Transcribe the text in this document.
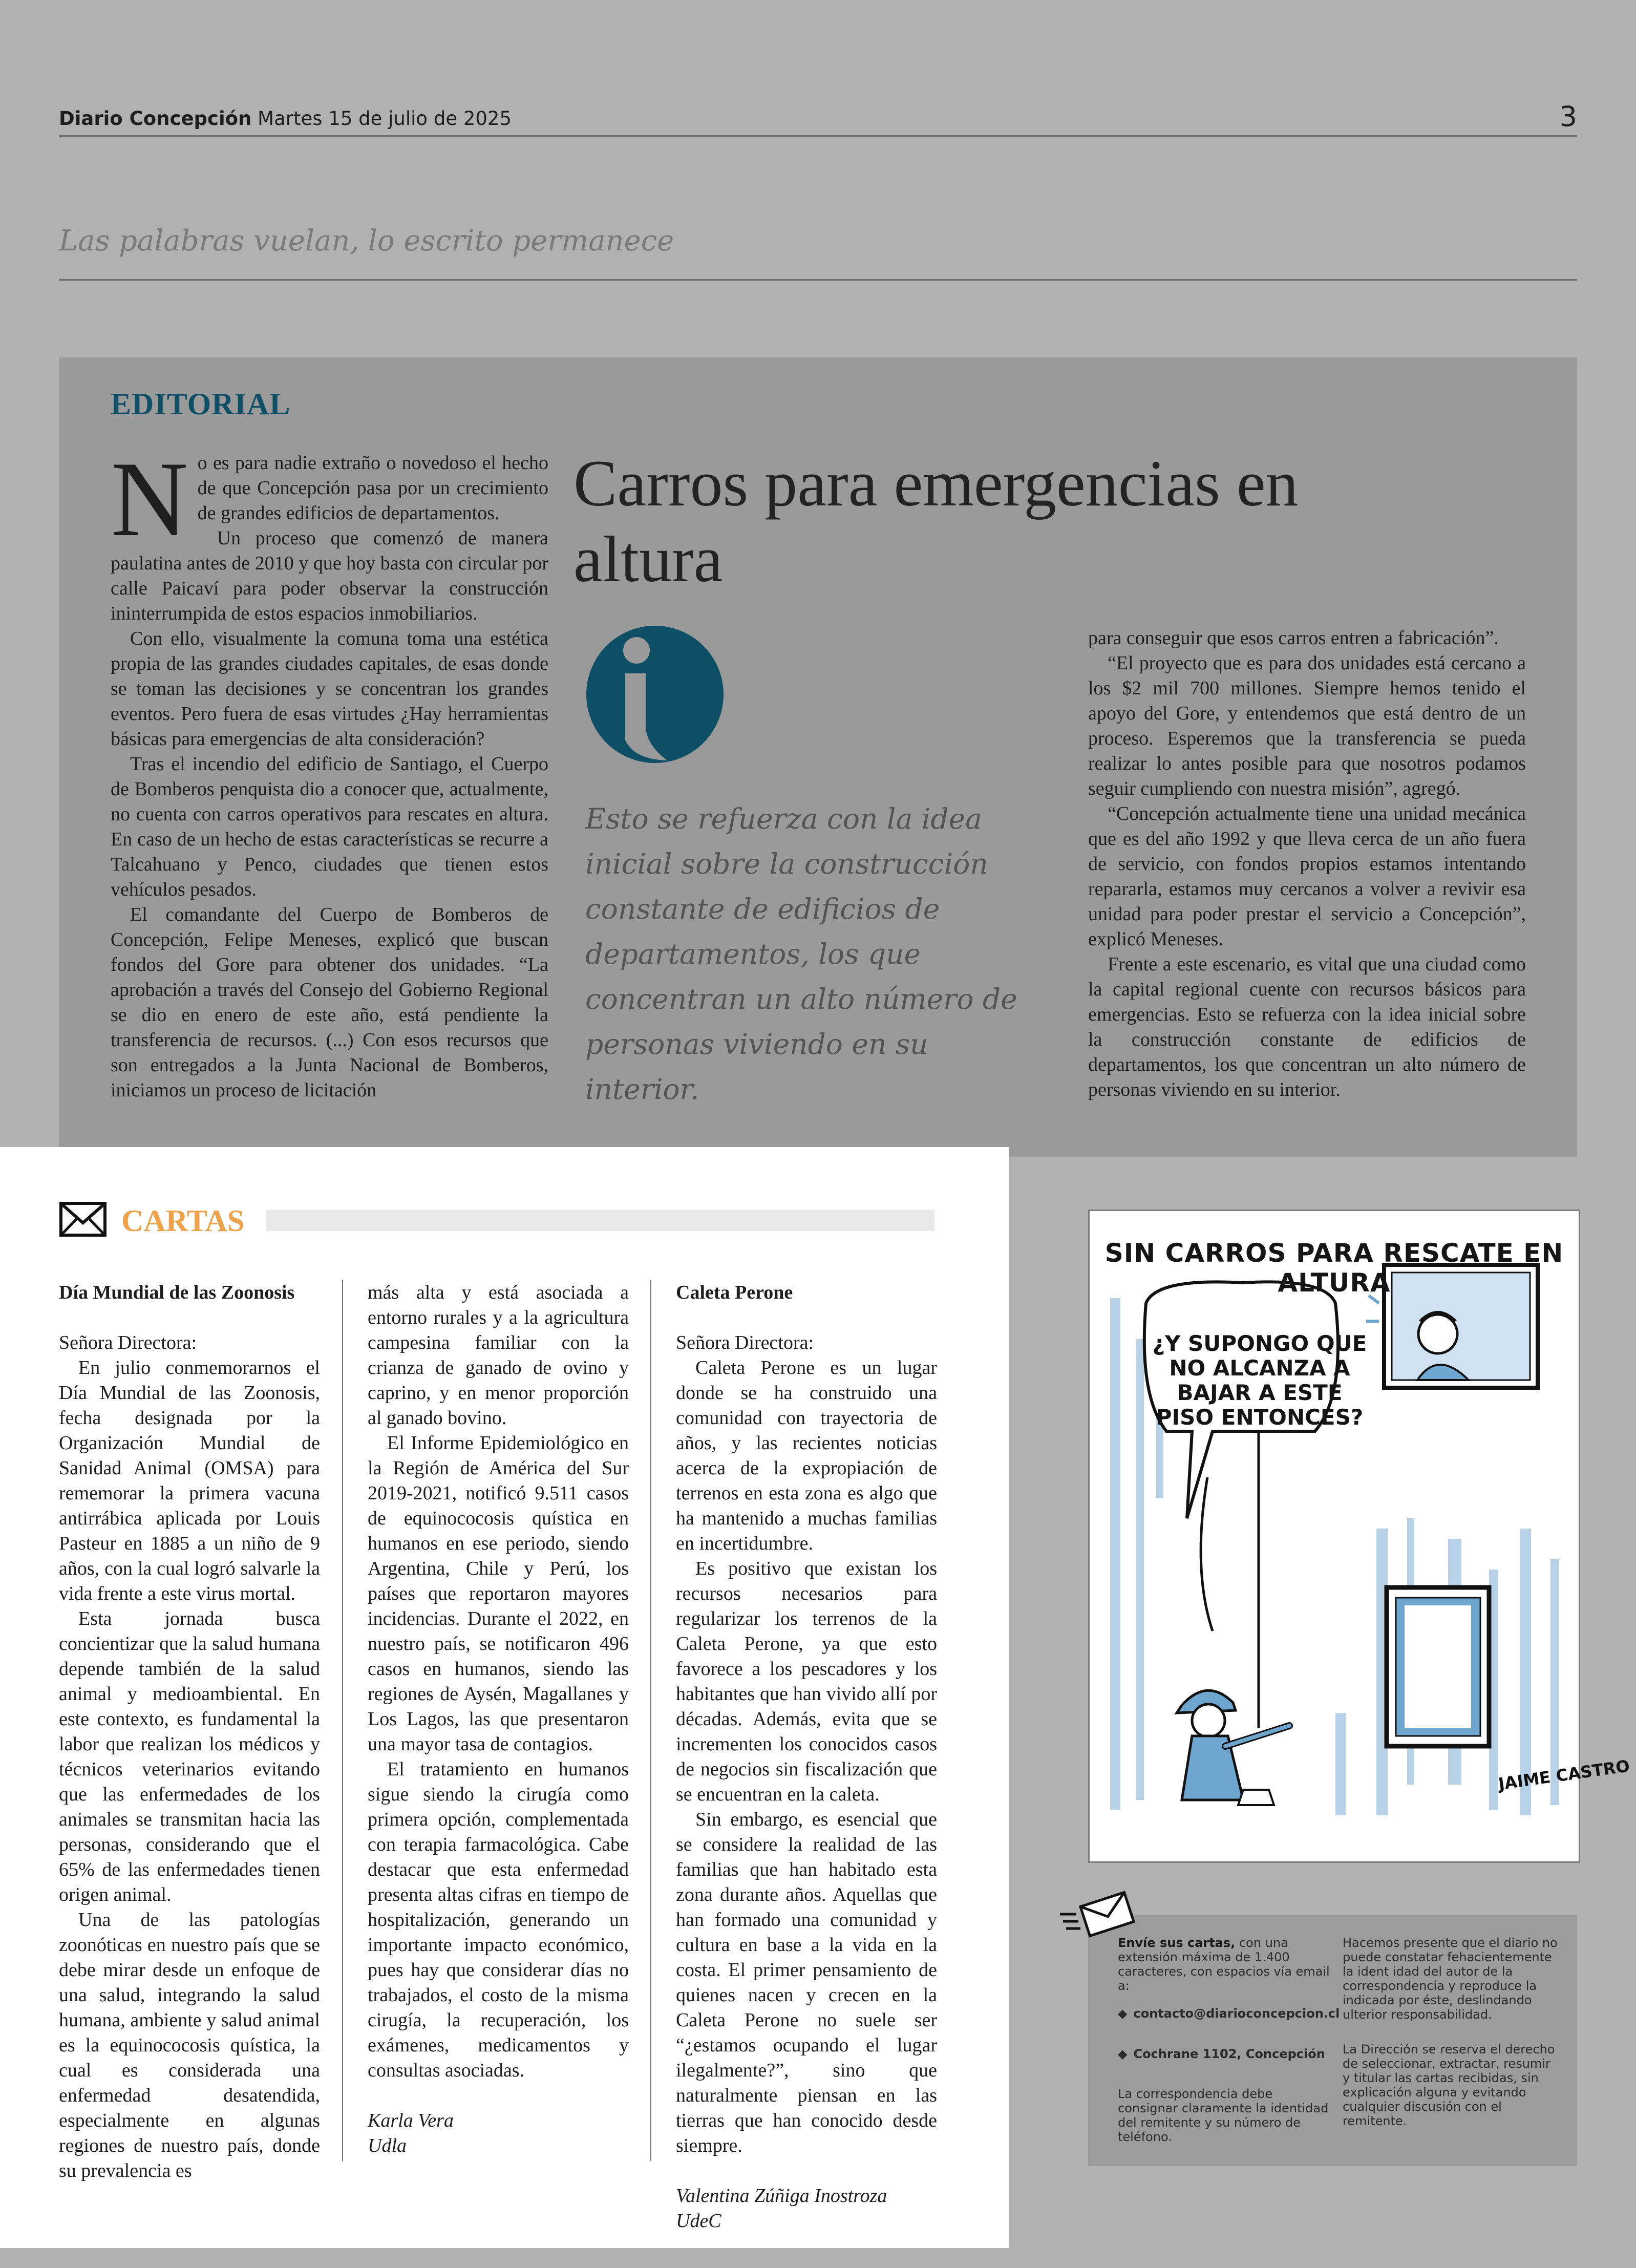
Diario Concepción Martes 15 de julio de 2025	3
Las palabras vuelan, lo escrito permanece
EDITORIAL

No es para nadie extraño o novedoso el hecho de que Concepción pasa por un crecimiento de grandes edificios de departamentos.

Un proceso que comenzó de manera paulatina antes de 2010 y que hoy basta con circular por calle Paicaví para poder observar la construcción ininterrumpida de estos espacios inmobiliarios.

Con ello, visualmente la comuna toma una estética propia de las grandes ciudades capitales, de esas donde se toman las decisiones y se concentran los grandes eventos. Pero fuera de esas virtudes ¿Hay herramientas básicas para emergencias de alta consideración?

Tras el incendio del edificio de Santiago, el Cuerpo de Bomberos penquista dio a conocer que, actualmente, no cuenta con carros operativos para rescates en altura. En caso de un hecho de estas características se recurre a Talcahuano y Penco, ciudades que tienen estos vehículos pesados.

El comandante del Cuerpo de Bomberos de Concepción, Felipe Meneses, explicó que buscan fondos del Gore para obtener dos unidades. “La aprobación a través del Consejo del Gobierno Regional se dio en enero de este año, está pendiente la transferencia de recursos. (...) Con esos recursos que son entregados a la Junta Nacional de Bomberos, iniciamos un proceso de licitación

Carros para emergencias en altura
Esto se refuerza con la idea inicial sobre la construcción constante de edificios de departamentos, los que concentran un alto número de personas viviendo en su interior.

para conseguir que esos carros entren a fabricación”.

“El proyecto que es para dos unidades está cercano a los $2 mil 700 millones. Siempre hemos tenido el apoyo del Gore, y entendemos que está dentro de un proceso. Esperemos que la transferencia se pueda realizar lo antes posible para que nosotros podamos seguir cumpliendo con nuestra misión”, agregó.

“Concepción actualmente tiene una unidad mecánica que es del año 1992 y que lleva cerca de un año fuera de servicio, con fondos propios estamos intentando repararla, estamos muy cercanos a volver a revivir esa unidad para poder prestar el servicio a Concepción”, explicó Meneses.

Frente a este escenario, es vital que una ciudad como la capital regional cuente con recursos básicos para emergencias. Esto se refuerza con la idea inicial sobre la construcción constante de edificios de departamentos, los que concentran un alto número de personas viviendo en su interior.

CARTAS

Día Mundial de las Zoonosis

Señora Directora:

En julio conmemorarnos el Día Mundial de las Zoonosis, fecha designada por la Organización Mundial de Sanidad Animal (OMSA) para rememorar la primera vacuna antirrábica aplicada por Louis Pasteur en 1885 a un niño de 9 años, con la cual logró salvarle la vida frente a este virus mortal.

Esta jornada busca concientizar que la salud humana depende también de la salud animal y medioambiental. En este contexto, es fundamental la labor que realizan los médicos y técnicos veterinarios evitando que las enfermedades de los animales se transmitan hacia las personas, considerando que el 65% de las enfermedades tienen origen animal.

Una de las patologías zoonóticas en nuestro país que se debe mirar desde un enfoque de una salud, integrando la salud humana, ambiente y salud animal es la equinococosis quística, la cual es considerada una enfermedad desatendida, especialmente en algunas regiones de nuestro país, donde su prevalencia es

más alta y está asociada a entorno rurales y a la agricultura campesina familiar con la crianza de ganado de ovino y caprino, y en menor proporción al ganado bovino.

El Informe Epidemiológico en la Región de América del Sur 2019-2021, notificó 9.511 casos de equinococosis quística en humanos en ese periodo, siendo Argentina, Chile y Perú, los países que reportaron mayores incidencias. Durante el 2022, en nuestro país, se notificaron 496 casos en humanos, siendo las regiones de Aysén, Magallanes y Los Lagos, las que presentaron una mayor tasa de contagios.

El tratamiento en humanos sigue siendo la cirugía como primera opción, complementada con terapia farmacológica. Cabe destacar que esta enfermedad presenta altas cifras en tiempo de hospitalización, generando un importante impacto económico, pues hay que considerar días no trabajados, el costo de la misma cirugía, la recuperación, los exámenes, medicamentos y consultas asociadas.

Karla Vera

Udla

Caleta Perone

Señora Directora:

Caleta Perone es un lugar donde se ha construido una comunidad con trayectoria de años, y las recientes noticias acerca de la expropiación de terrenos en esta zona es algo que ha mantenido a muchas familias en incertidumbre.

Es positivo que existan los recursos necesarios para regularizar los terrenos de la Caleta Perone, ya que esto favorece a los pescadores y los habitantes que han vivido allí por décadas. Además, evita que se incrementen los conocidos casos de negocios sin fiscalización que se encuentran en la caleta.

Sin embargo, es esencial que se considere la realidad de las familias que han habitado esta zona durante años. Aquellas que han formado una comunidad y cultura en base a la vida en la costa. El primer pensamiento de quienes nacen y crecen en la Caleta Perone no suele ser “¿estamos ocupando el lugar ilegalmente?”, sino que naturalmente piensan en las tierras que han conocido desde siempre.

Valentina Zúñiga Inostroza

UdeC

JAIME CASTRO
SIN CARROS PARA RESCATE EN ALTURA
¿Y SUPONGO QUE NO ALCANZA A BAJAR A ESTE PISO ENTONCES?
Envíe sus cartas, con una extensión máxima de 1.400 caracteres, con espacios vía email a:
◆ contacto@diarioconcepcion.cl
◆ Cochrane 1102, Concepción
La correspondencia debe consignar claramente la identidad del remitente y su número de teléfono.
Hacemos presente que el diario no puede constatar fehacientemente la ident idad del autor de la correspondencia y reproduce la indicada por éste, deslindando ulterior responsabilidad.
La Dirección se reserva el derecho de seleccionar, extractar, resumir y titular las cartas recibidas, sin explicación alguna y evitando cualquier discusión con el remitente.
